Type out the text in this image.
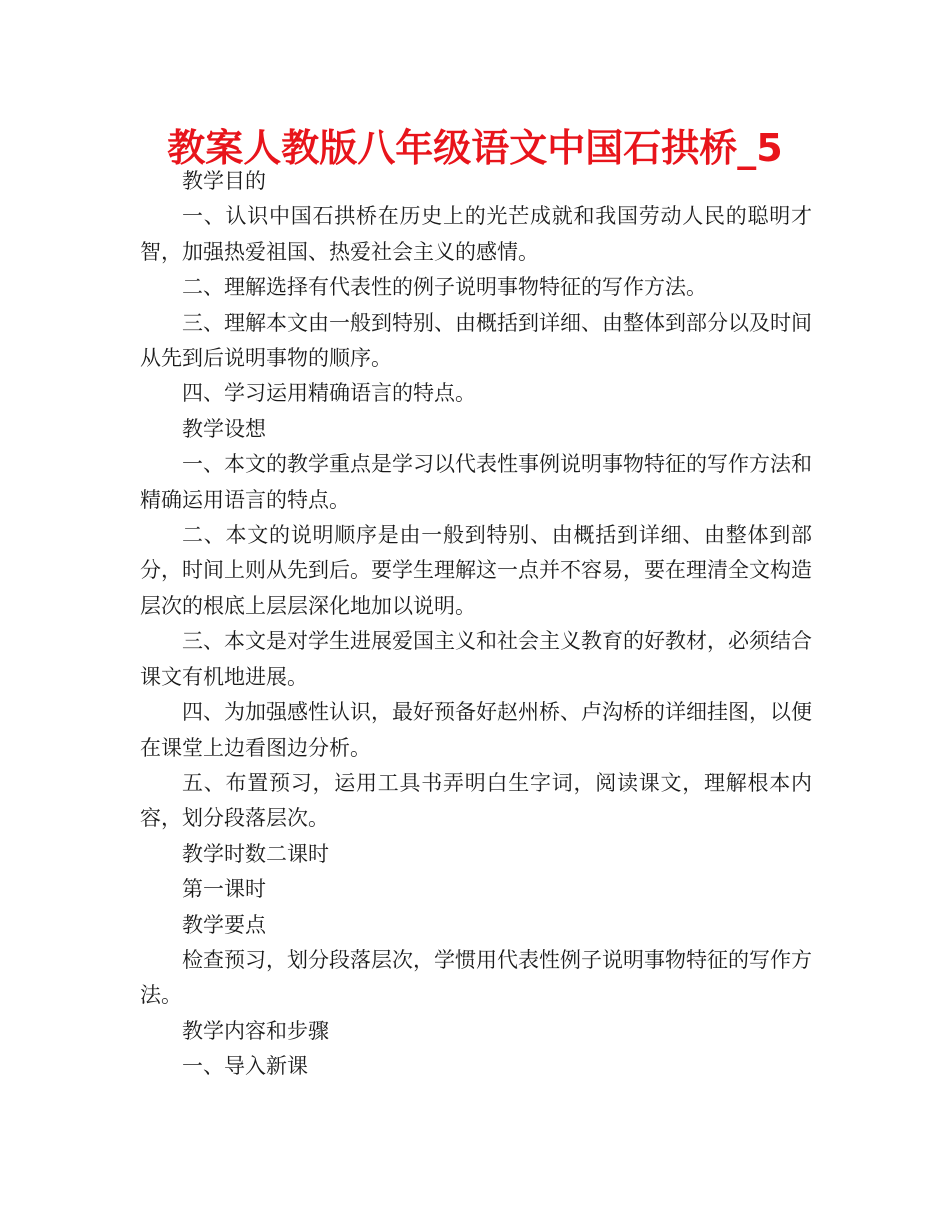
教案人教版八年级语文中国石拱桥_5

教学目的

一、认识中国石拱桥在历史上的光芒成就和我国劳动人民的聪明才智，加强热爱祖国、热爱社会主义的感情。

二、理解选择有代表性的例子说明事物特征的写作方法。

三、理解本文由一般到特别、由概括到详细、由整体到部分以及时间从先到后说明事物的顺序。

四、学习运用精确语言的特点。

教学设想

一、本文的教学重点是学习以代表性事例说明事物特征的写作方法和精确运用语言的特点。

二、本文的说明顺序是由一般到特别、由概括到详细、由整体到部分，时间上则从先到后。要学生理解这一点并不容易，要在理清全文构造层次的根底上层层深化地加以说明。

三、本文是对学生进展爱国主义和社会主义教育的好教材，必须结合课文有机地进展。

四、为加强感性认识，最好预备好赵州桥、卢沟桥的详细挂图，以便在课堂上边看图边分析。

五、布置预习，运用工具书弄明白生字词，阅读课文，理解根本内容，划分段落层次。

教学时数二课时

第一课时

教学要点

检查预习，划分段落层次，学惯用代表性例子说明事物特征的写作方法。

教学内容和步骤

一、导入新课
